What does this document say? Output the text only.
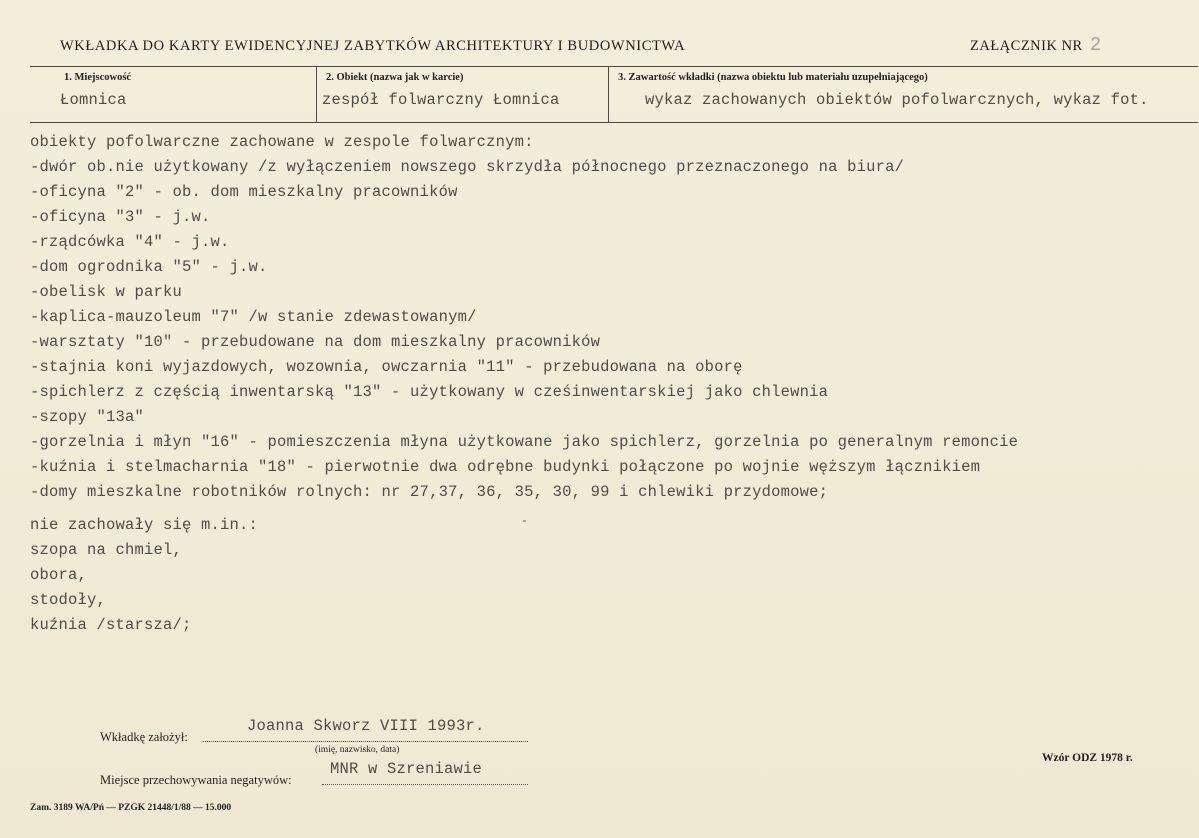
WKŁADKA DO KARTY EWIDENCYJNEJ ZABYTKÓW ARCHITEKTURY I BUDOWNICTWA	ZAŁĄCZNIK NR 2
1. Miejscowość	2. Obiekt (nazwa jak w karcie)	3. Zawartość wkładki (nazwa obiektu lub materiału uzupełniającego)
Łomnica	zespół folwarczny Łomnica	wykaz zachowanych obiektów pofolwarcznych, wykaz fot.
obiekty pofolwarczne zachowane w zespole folwarcznym:
-dwór ob.nie użytkowany /z wyłączeniem nowszego skrzydła północnego przeznaczonego na biura/
-oficyna "2" - ob. dom mieszkalny pracowników
-oficyna "3" - j.w.
-rządcówka "4" - j.w.
-dom ogrodnika "5" - j.w.
-obelisk w parku
-kaplica-mauzoleum "7" /w stanie zdewastowanym/
-warsztaty "10" - przebudowane na dom mieszkalny pracowników
-stajnia koni wyjazdowych, wozownia, owczarnia "11" - przebudowana na oborę
-spichlerz z częścią inwentarską "13" - użytkowany w cześinwentarskiej jako chlewnia
-szopy "13a"
-gorzelnia i młyn "16" - pomieszczenia młyna użytkowane jako spichlerz, gorzelnia po generalnym remoncie
-kuźnia i stelmacharnia "18" - pierwotnie dwa odrębne budynki połączone po wojnie węższym łącznikiem
-domy mieszkalne robotników rolnych: nr 27,37, 36, 35, 30, 99 i chlewiki przydomowe;
nie zachowały się m.in.:
szopa na chmiel,
obora,
stodoły,
kuźnia /starsza/;
Wkładkę założył:
Joanna Skworz VIII 1993r.
(imię, nazwisko, data)
Miejsce przechowywania negatywów:
MNR w Szreniawie
Wzór ODZ 1978 r.
Zam. 3189 WA/Pń — PZGK 21448/1/88 — 15.000
